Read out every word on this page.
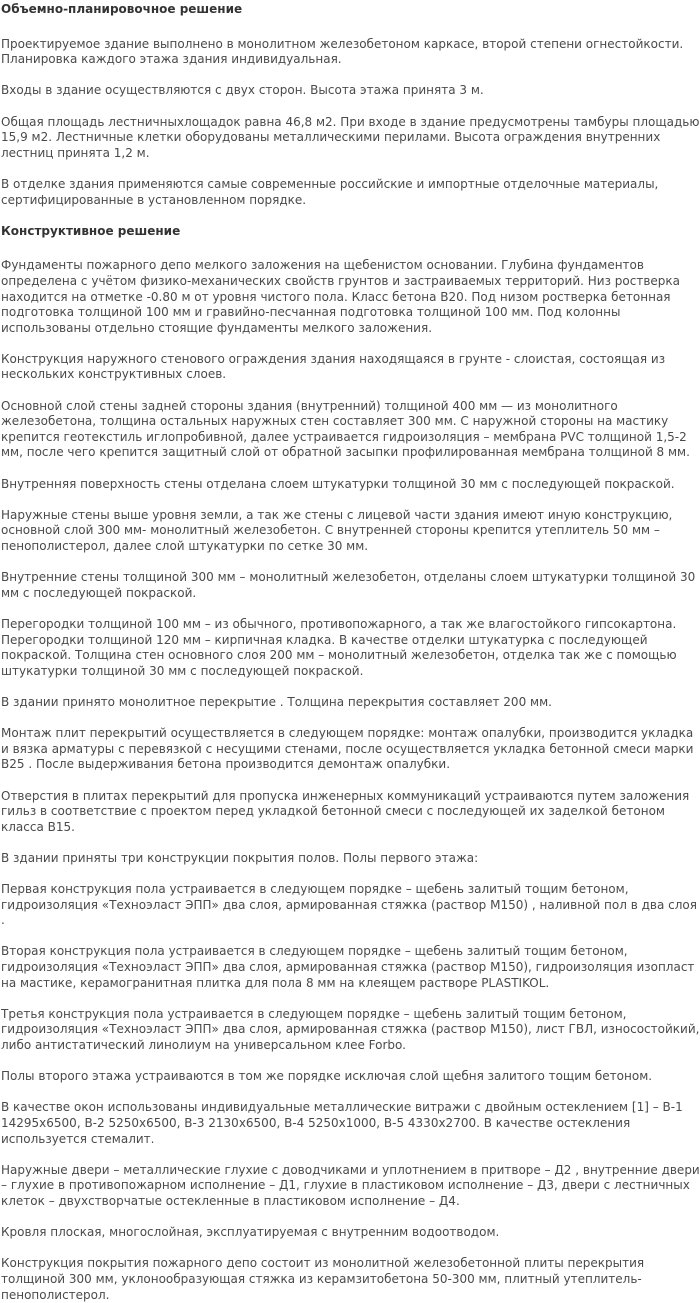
Объемно-планировочное решение

Проектируемое здание выполнено в монолитном железобетоном каркасе, второй степени огнестойкости. Планировка каждого этажа здания индивидуальная.

Входы в здание осуществляются с двух сторон. Высота этажа принята 3 м.

Общая площадь лестничныхлощадок равна 46,8 м2. При входе в здание предусмотрены тамбуры площадью 15,9 м2. Лестничные клетки оборудованы металлическими перилами. Высота ограждения внутренних лестниц принята 1,2 м.

В отделке здания применяются самые современные российские и импортные отделочные материалы, сертифицированные в установленном порядке.

Конструктивное решение

Фундаменты пожарного депо мелкого заложения на щебенистом основании. Глубина фундаментов определена с учётом физико-механических свойств грунтов и застраиваемых территорий. Низ ростверка находится на отметке -0.80 м от уровня чистого пола. Класс бетона В20. Под низом ростверка бетонная подготовка толщиной 100 мм и гравийно-песчанная подготовка толщиной 100 мм. Под колонны использованы отдельно стоящие фундаменты мелкого заложения.

Конструкция наружного стенового ограждения здания находящаяся в грунте - слоистая, состоящая из нескольких конструктивных слоев.

Основной слой стены задней стороны здания (внутренний) толщиной 400 мм — из монолитного железобетона, толщина остальных наружных стен составляет 300 мм. С наружной стороны на мастику крепится геотекстиль иглопробивной, далее устраивается гидроизоляция – мембрана PVC толщиной 1,5-2 мм, после чего крепится защитный слой от обратной засыпки профилированная мембрана толщиной 8 мм.

Внутренняя поверхность стены отделана слоем штукатурки толщиной 30 мм с последующей покраской.

Наружные стены выше уровня земли, а так же стены с лицевой части здания имеют иную конструкцию, основной слой 300 мм- монолитный железобетон. С внутренней стороны крепится утеплитель 50 мм – пенополистерол, далее слой штукатурки по сетке 30 мм.

Внутренние стены толщиной 300 мм – монолитный железобетон, отделаны слоем штукатурки толщиной 30 мм с последующей покраской.

Перегородки толщиной 100 мм – из обычного, противопожарного, а так же влагостойкого гипсокартона. Перегородки толщиной 120 мм – кирпичная кладка. В качестве отделки штукатурка с последующей покраской. Толщина стен основного слоя 200 мм – монолитный железобетон, отделка так же с помощью штукатурки толщиной 30 мм с последующей покраской.

В здании принято монолитное перекрытие . Толщина перекрытия составляет 200 мм.

Монтаж плит перекрытий осуществляется в следующем порядке: монтаж опалубки, производится укладка и вязка арматуры с перевязкой с несущими стенами, после осуществляется укладка бетонной смеси марки В25 . После выдерживания бетона производится демонтаж опалубки.

Отверстия в плитах перекрытий для пропуска инженерных коммуникаций устраиваются путем заложения гильз в соответствие с проектом перед укладкой бетонной смеси с последующей их заделкой бетоном класса В15.

В здании приняты три конструкции покрытия полов. Полы первого этажа:

Первая конструкция пола устраивается в следующем порядке – щебень залитый тощим бетоном, гидроизоляция «Техноэласт ЭПП» два слоя, армированная стяжка (раствор М150) , наливной пол в два слоя .

Вторая конструкция пола устраивается в следующем порядке – щебень залитый тощим бетоном, гидроизоляция «Техноэласт ЭПП» два слоя, армированная стяжка (раствор М150), гидроизоляция изопласт на мастике, керамогранитная плитка для пола 8 мм на клеящем растворе PLASTIKOL.

Третья конструкция пола устраивается в следующем порядке – щебень залитый тощим бетоном, гидроизоляция «Техноэласт ЭПП» два слоя, армированная стяжка (раствор М150), лист ГВЛ, износостойкий, либо антистатический линолиум на универсальном клее Forbo.

Полы второго этажа устраиваются в том же порядке исключая слой щебня залитого тощим бетоном.

В качестве окон использованы индивидуальные металлические витражи с двойным остеклением [1] – В-1 14295х6500, В-2 5250х6500, В-3 2130х6500, В-4 5250х1000, В-5 4330х2700. В качестве остекления используется стемалит.

Наружные двери – металлические глухие с доводчиками и уплотнением в притворе – Д2 , внутренние двери – глухие в противопожарном исполнение – Д1, глухие в пластиковом исполнение – Д3, двери с лестничных клеток – двухстворчатые остекленные в пластиковом исполнение – Д4.

Кровля плоская, многослойная, эксплуатируемая с внутренним водоотводом.

Конструкция покрытия пожарного депо состоит из монолитной железобетонной плиты перекрытия толщиной 300 мм, уклонообразующая стяжка из керамзитобетона 50-300 мм, плитный утеплитель-пенополистерол.
